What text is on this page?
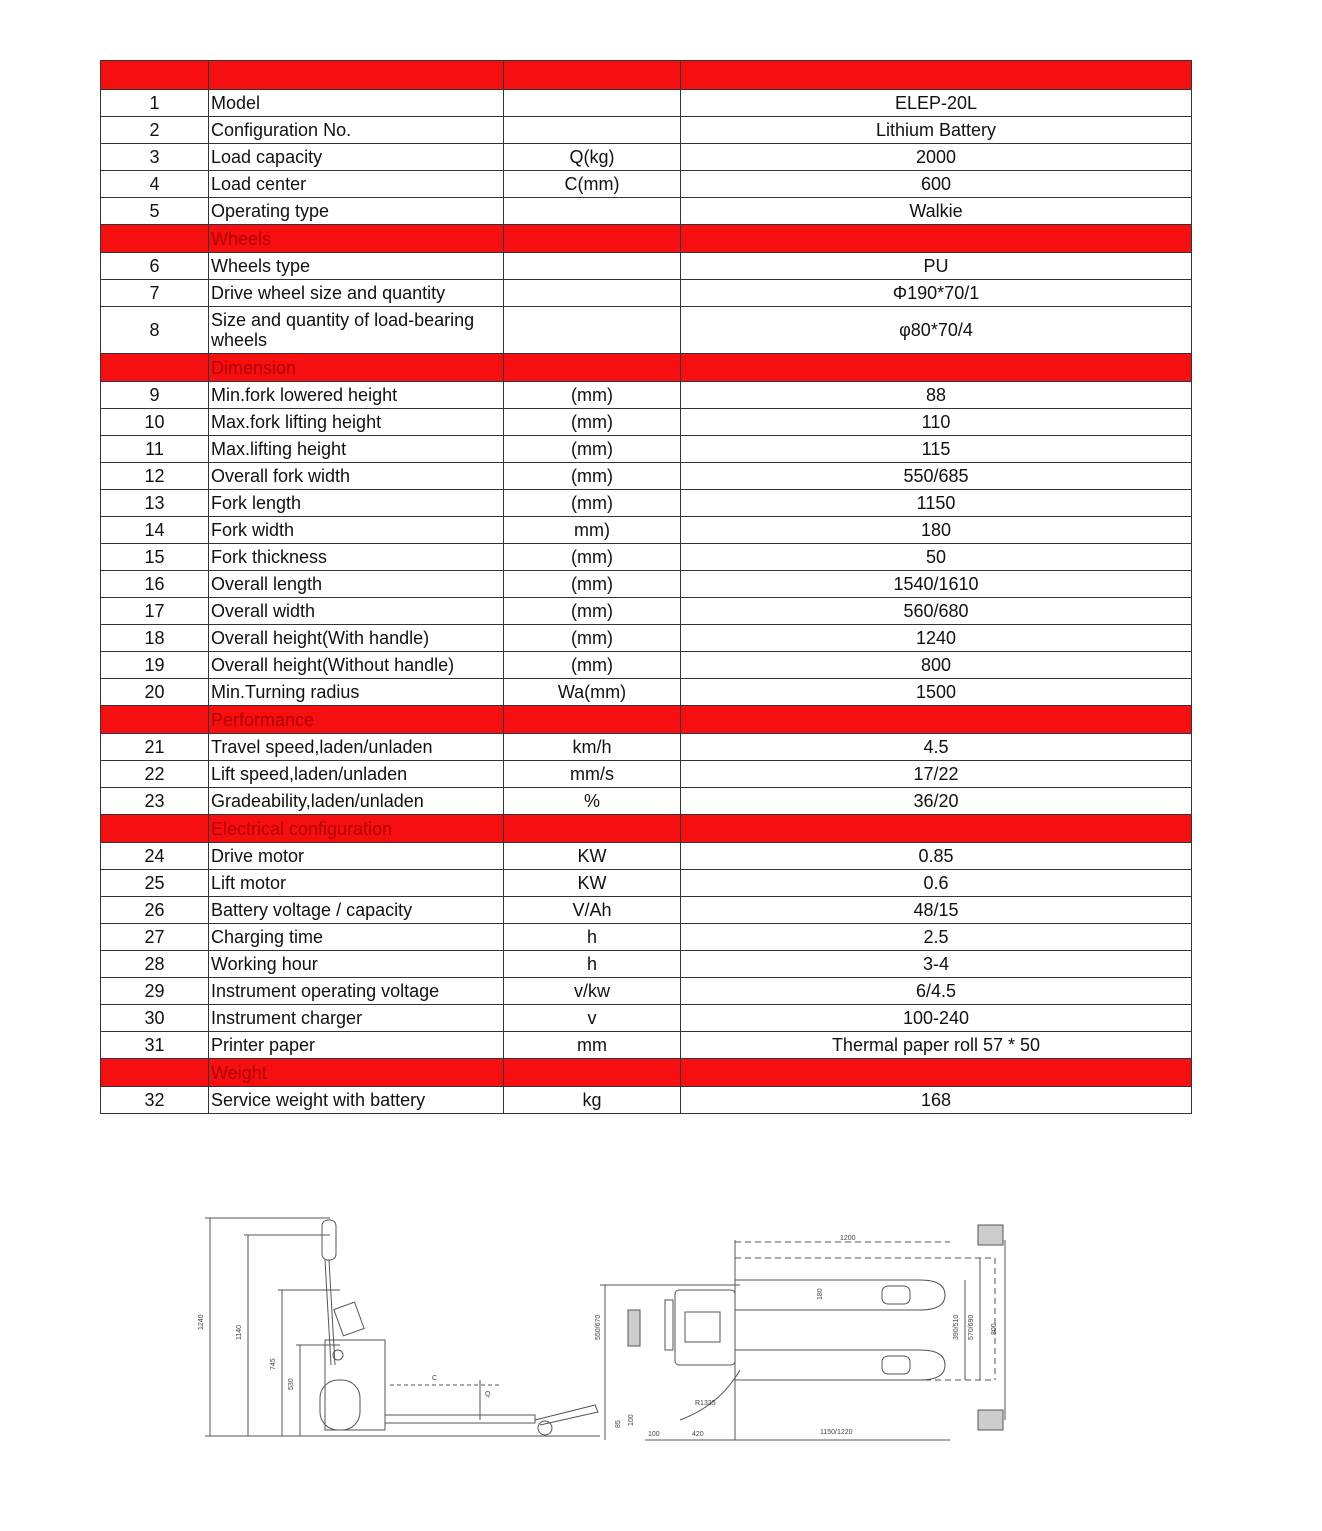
1	Model		ELEP-20L
2	Configuration No.		Lithium Battery
3	Load capacity	Q(kg)	2000
4	Load center	C(mm)	600
5	Operating type		Walkie
	Wheels		
6	Wheels type		PU
7	Drive wheel size and quantity		Φ190*70/1
8	Size and quantity of load-bearing wheels		φ80*70/4
	Dimension		
9	Min.fork lowered height	(mm)	88
10	Max.fork lifting height	(mm)	110
11	Max.lifting height	(mm)	115
12	Overall fork width	(mm)	550/685
13	Fork length	(mm)	1150
14	Fork width	mm)	180
15	Fork thickness	(mm)	50
16	Overall length	(mm)	1540/1610
17	Overall width	(mm)	560/680
18	Overall height(With handle)	(mm)	1240
19	Overall height(Without handle)	(mm)	800
20	Min.Turning radius	Wa(mm)	1500
	Performance		
21	Travel speed,laden/unladen	km/h	4.5
22	Lift speed,laden/unladen	mm/s	17/22
23	Gradeability,laden/unladen	%	36/20
	Electrical configuration		
24	Drive motor	KW	0.85
25	Lift motor	KW	0.6
26	Battery voltage / capacity	V/Ah	48/15
27	Charging time	h	2.5
28	Working hour	h	3-4
29	Instrument operating voltage	v/kw	6/4.5
30	Instrument charger	v	100-240
31	Printer paper	mm	Thermal paper roll 57 * 50
	Weight		
32	Service weight with battery	kg	168
1240
1140
745
530	C
Q
85 100
1200
180
550/670	390/510 570/690 800
R1335
100	420	1150/1220
